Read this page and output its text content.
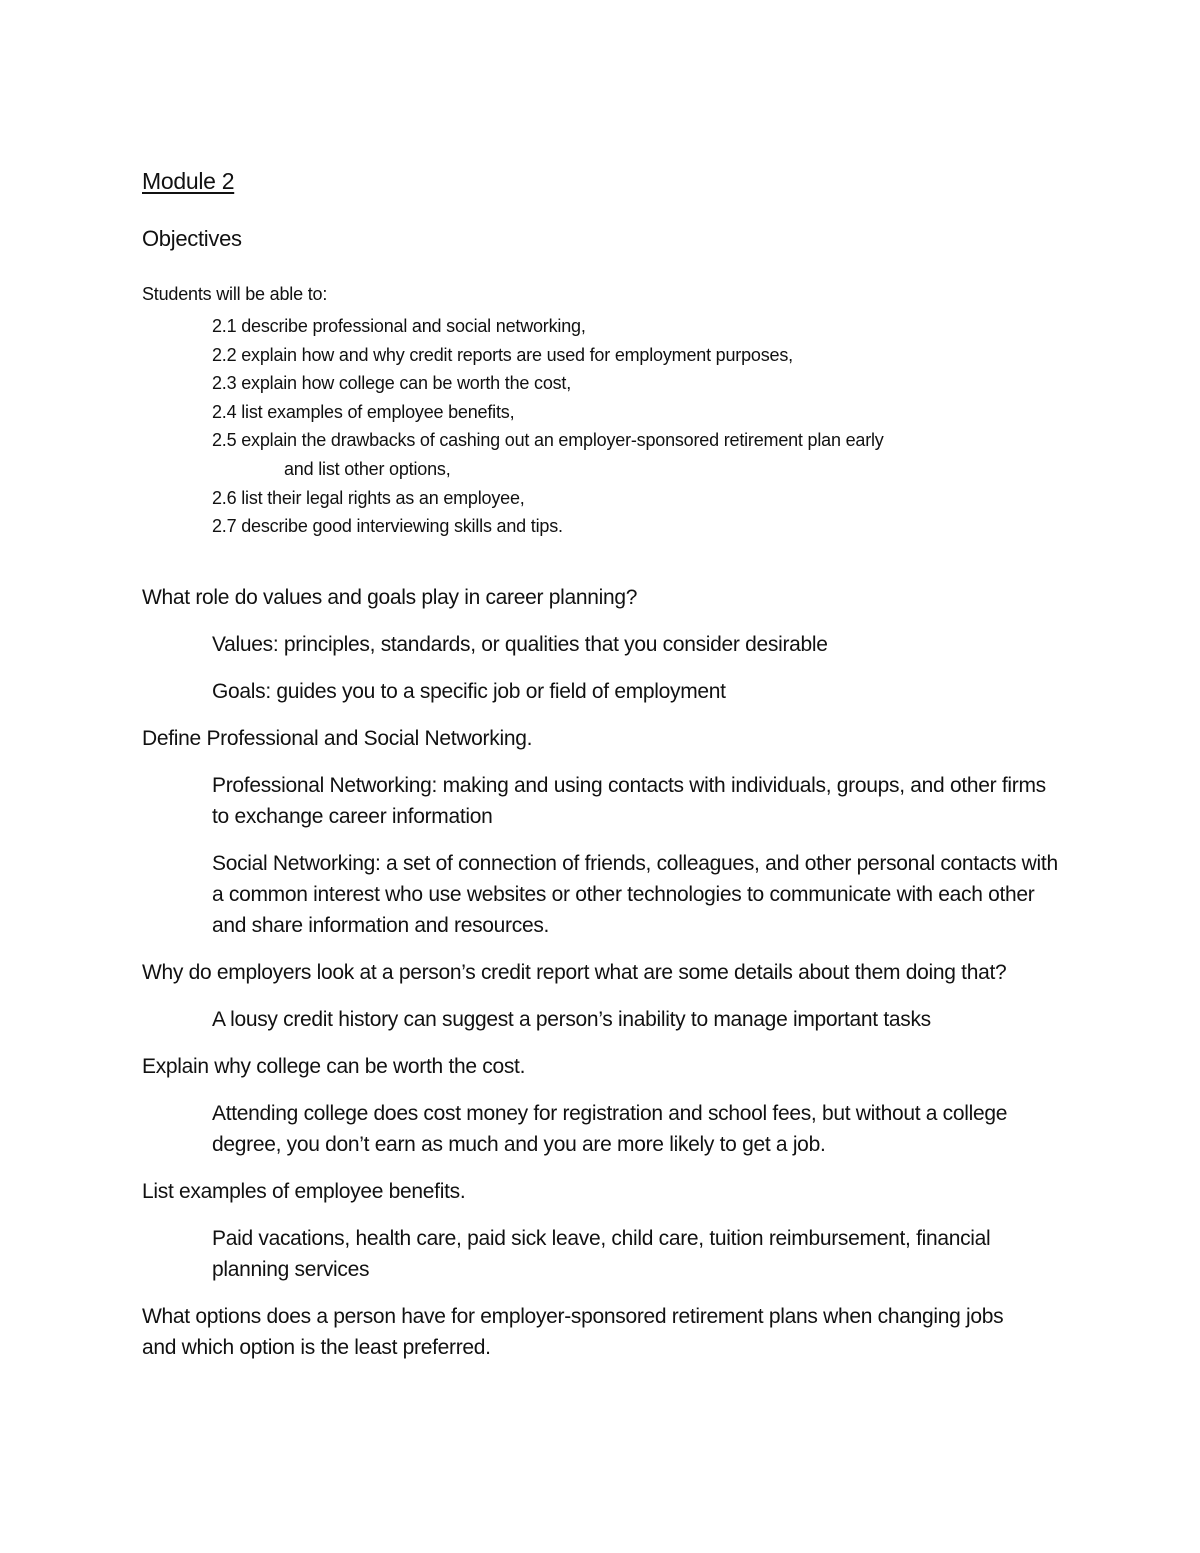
Module 2
Objectives
Students will be able to:
2.1 describe professional and social networking,
2.2 explain how and why credit reports are used for employment purposes,
2.3 explain how college can be worth the cost,
2.4 list examples of employee benefits,
2.5 explain the drawbacks of cashing out an employer-sponsored retirement plan early
and list other options,
2.6 list their legal rights as an employee,
2.7 describe good interviewing skills and tips.

What role do values and goals play in career planning?

Values: principles, standards, or qualities that you consider desirable

Goals: guides you to a specific job or field of employment

Define Professional and Social Networking.

Professional Networking: making and using contacts with individuals, groups, and other firms to exchange career information

Social Networking: a set of connection of friends, colleagues, and other personal contacts with a common interest who use websites or other technologies to communicate with each other and share information and resources.

Why do employers look at a person’s credit report what are some details about them doing that?

A lousy credit history can suggest a person’s inability to manage important tasks

Explain why college can be worth the cost.

Attending college does cost money for registration and school fees, but without a college degree, you don’t earn as much and you are more likely to get a job.

List examples of employee benefits.

Paid vacations, health care, paid sick leave, child care, tuition reimbursement, financial planning services

What options does a person have for employer-sponsored retirement plans when changing jobs and which option is the least preferred.
